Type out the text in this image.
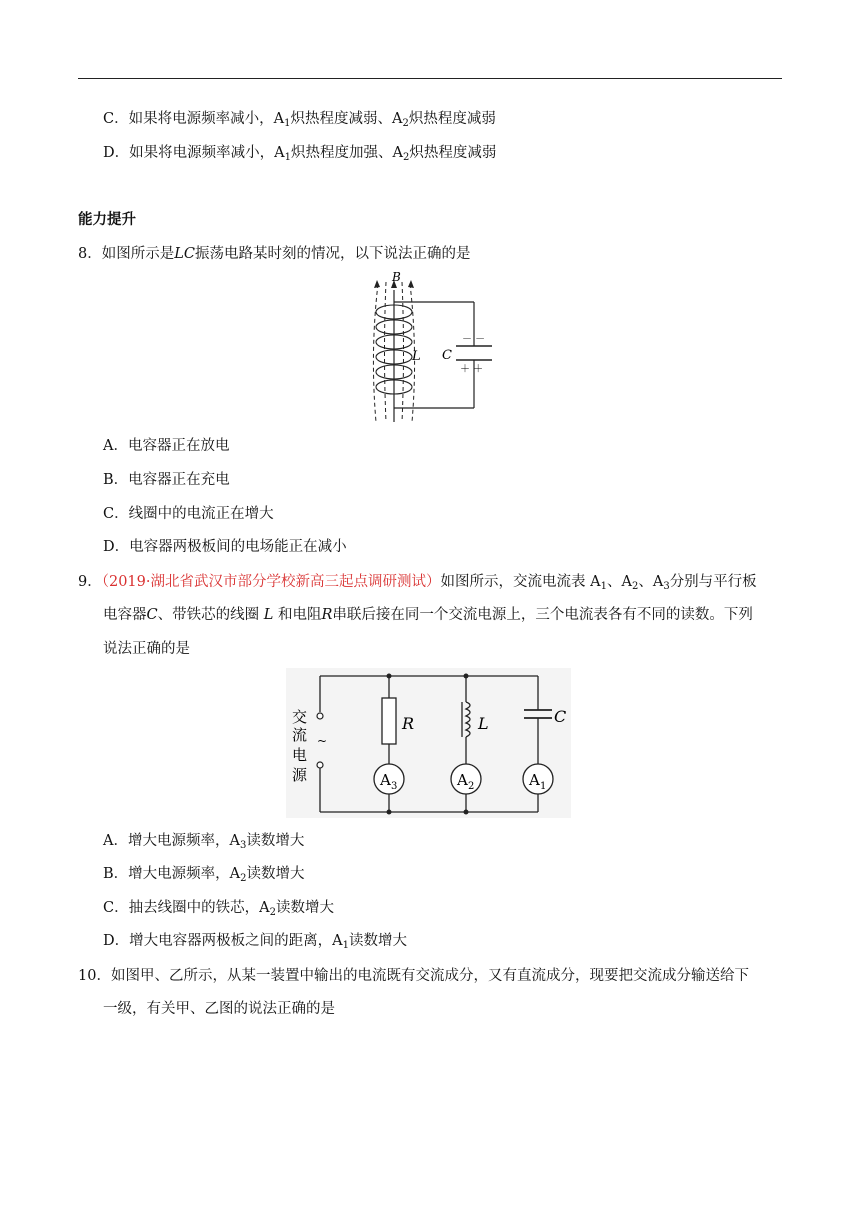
C．如果将电源频率减小，$A_1$炽热程度减弱、$A_2$炽热程度减弱
D．如果将电源频率减小，$A_1$炽热程度加强、$A_2$炽热程度减弱
能力提升
8．如图所示是LC振荡电路某时刻的情况，以下说法正确的是
－ －
＋ ＋
C
B
L
A．电容器正在放电
B．电容器正在充电
C．线圈中的电流正在增大
D．电容器两极板间的电场能正在减小
9．（2019·湖北省武汉市部分学校新高三起点调研测试）如图所示，交流电流表 $A_1$、$A_2$、$A_3$分别与平行板
电容器C、带铁芯的线圈 L 和电阻R串联后接在同一个交流电源上，三个电流表各有不同的读数。下列
说法正确的是
交
流 ~
电
源
R	L	C
A 3	A 2	A 1
A．增大电源频率，$A_3$读数增大
B．增大电源频率，$A_2$读数增大
C．抽去线圈中的铁芯，$A_2$读数增大
D．增大电容器两极板之间的距离，$A_1$读数增大
10．如图甲、乙所示，从某一装置中输出的电流既有交流成分，又有直流成分，现要把交流成分输送给下
一级，有关甲、乙图的说法正确的是
